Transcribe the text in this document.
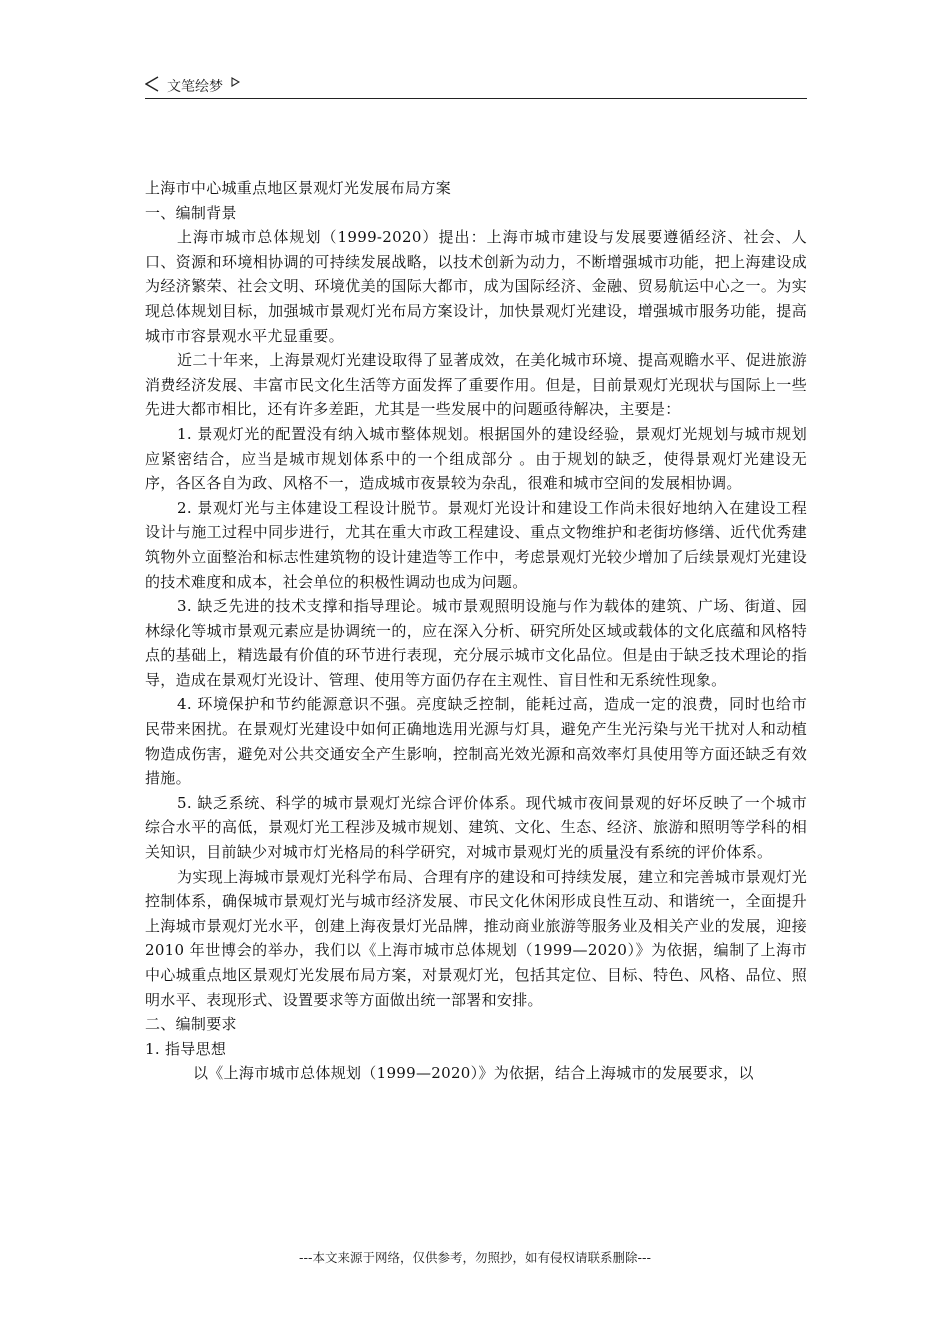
文笔绘梦

上海市中心城重点地区景观灯光发展布局方案

一、编制背景

上海市城市总体规划（1999-2020）提出：上海市城市建设与发展要遵循经济、社会、人口、资源和环境相协调的可持续发展战略，以技术创新为动力，不断增强城市功能，把上海建设成为经济繁荣、社会文明、环境优美的国际大都市，成为国际经济、金融、贸易航运中心之一。为实现总体规划目标，加强城市景观灯光布局方案设计，加快景观灯光建设，增强城市服务功能，提高城市市容景观水平尤显重要。

近二十年来，上海景观灯光建设取得了显著成效，在美化城市环境、提高观瞻水平、促进旅游消费经济发展、丰富市民文化生活等方面发挥了重要作用。但是，目前景观灯光现状与国际上一些先进大都市相比，还有许多差距，尤其是一些发展中的问题亟待解决，主要是：

1. 景观灯光的配置没有纳入城市整体规划。根据国外的建设经验，景观灯光规划与城市规划应紧密结合，应当是城市规划体系中的一个组成部分 。由于规划的缺乏，使得景观灯光建设无序，各区各自为政、风格不一，造成城市夜景较为杂乱，很难和城市空间的发展相协调。

2. 景观灯光与主体建设工程设计脱节。景观灯光设计和建设工作尚未很好地纳入在建设工程设计与施工过程中同步进行，尤其在重大市政工程建设、重点文物维护和老街坊修缮、近代优秀建筑物外立面整治和标志性建筑物的设计建造等工作中，考虑景观灯光较少增加了后续景观灯光建设的技术难度和成本，社会单位的积极性调动也成为问题。

3. 缺乏先进的技术支撑和指导理论。城市景观照明设施与作为载体的建筑、广场、街道、园林绿化等城市景观元素应是协调统一的，应在深入分析、研究所处区域或载体的文化底蕴和风格特点的基础上，精选最有价值的环节进行表现，充分展示城市文化品位。但是由于缺乏技术理论的指导，造成在景观灯光设计、管理、使用等方面仍存在主观性、盲目性和无系统性现象。

4. 环境保护和节约能源意识不强。亮度缺乏控制，能耗过高，造成一定的浪费，同时也给市民带来困扰。在景观灯光建设中如何正确地选用光源与灯具，避免产生光污染与光干扰对人和动植物造成伤害，避免对公共交通安全产生影响，控制高光效光源和高效率灯具使用等方面还缺乏有效措施。

5. 缺乏系统、科学的城市景观灯光综合评价体系。现代城市夜间景观的好坏反映了一个城市综合水平的高低，景观灯光工程涉及城市规划、建筑、文化、生态、经济、旅游和照明等学科的相关知识，目前缺少对城市灯光格局的科学研究，对城市景观灯光的质量没有系统的评价体系。

为实现上海城市景观灯光科学布局、合理有序的建设和可持续发展，建立和完善城市景观灯光控制体系，确保城市景观灯光与城市经济发展、市民文化休闲形成良性互动、和谐统一，全面提升上海城市景观灯光水平，创建上海夜景灯光品牌，推动商业旅游等服务业及相关产业的发展，迎接 2010 年世博会的举办，我们以《上海市城市总体规划（1999—2020）》为依据，编制了上海市中心城重点地区景观灯光发展布局方案，对景观灯光，包括其定位、目标、特色、风格、品位、照明水平、表现形式、设置要求等方面做出统一部署和安排。

二、编制要求

1. 指导思想

以《上海市城市总体规划（1999—2020）》为依据，结合上海城市的发展要求，以

---本文来源于网络，仅供参考，勿照抄，如有侵权请联系删除---
